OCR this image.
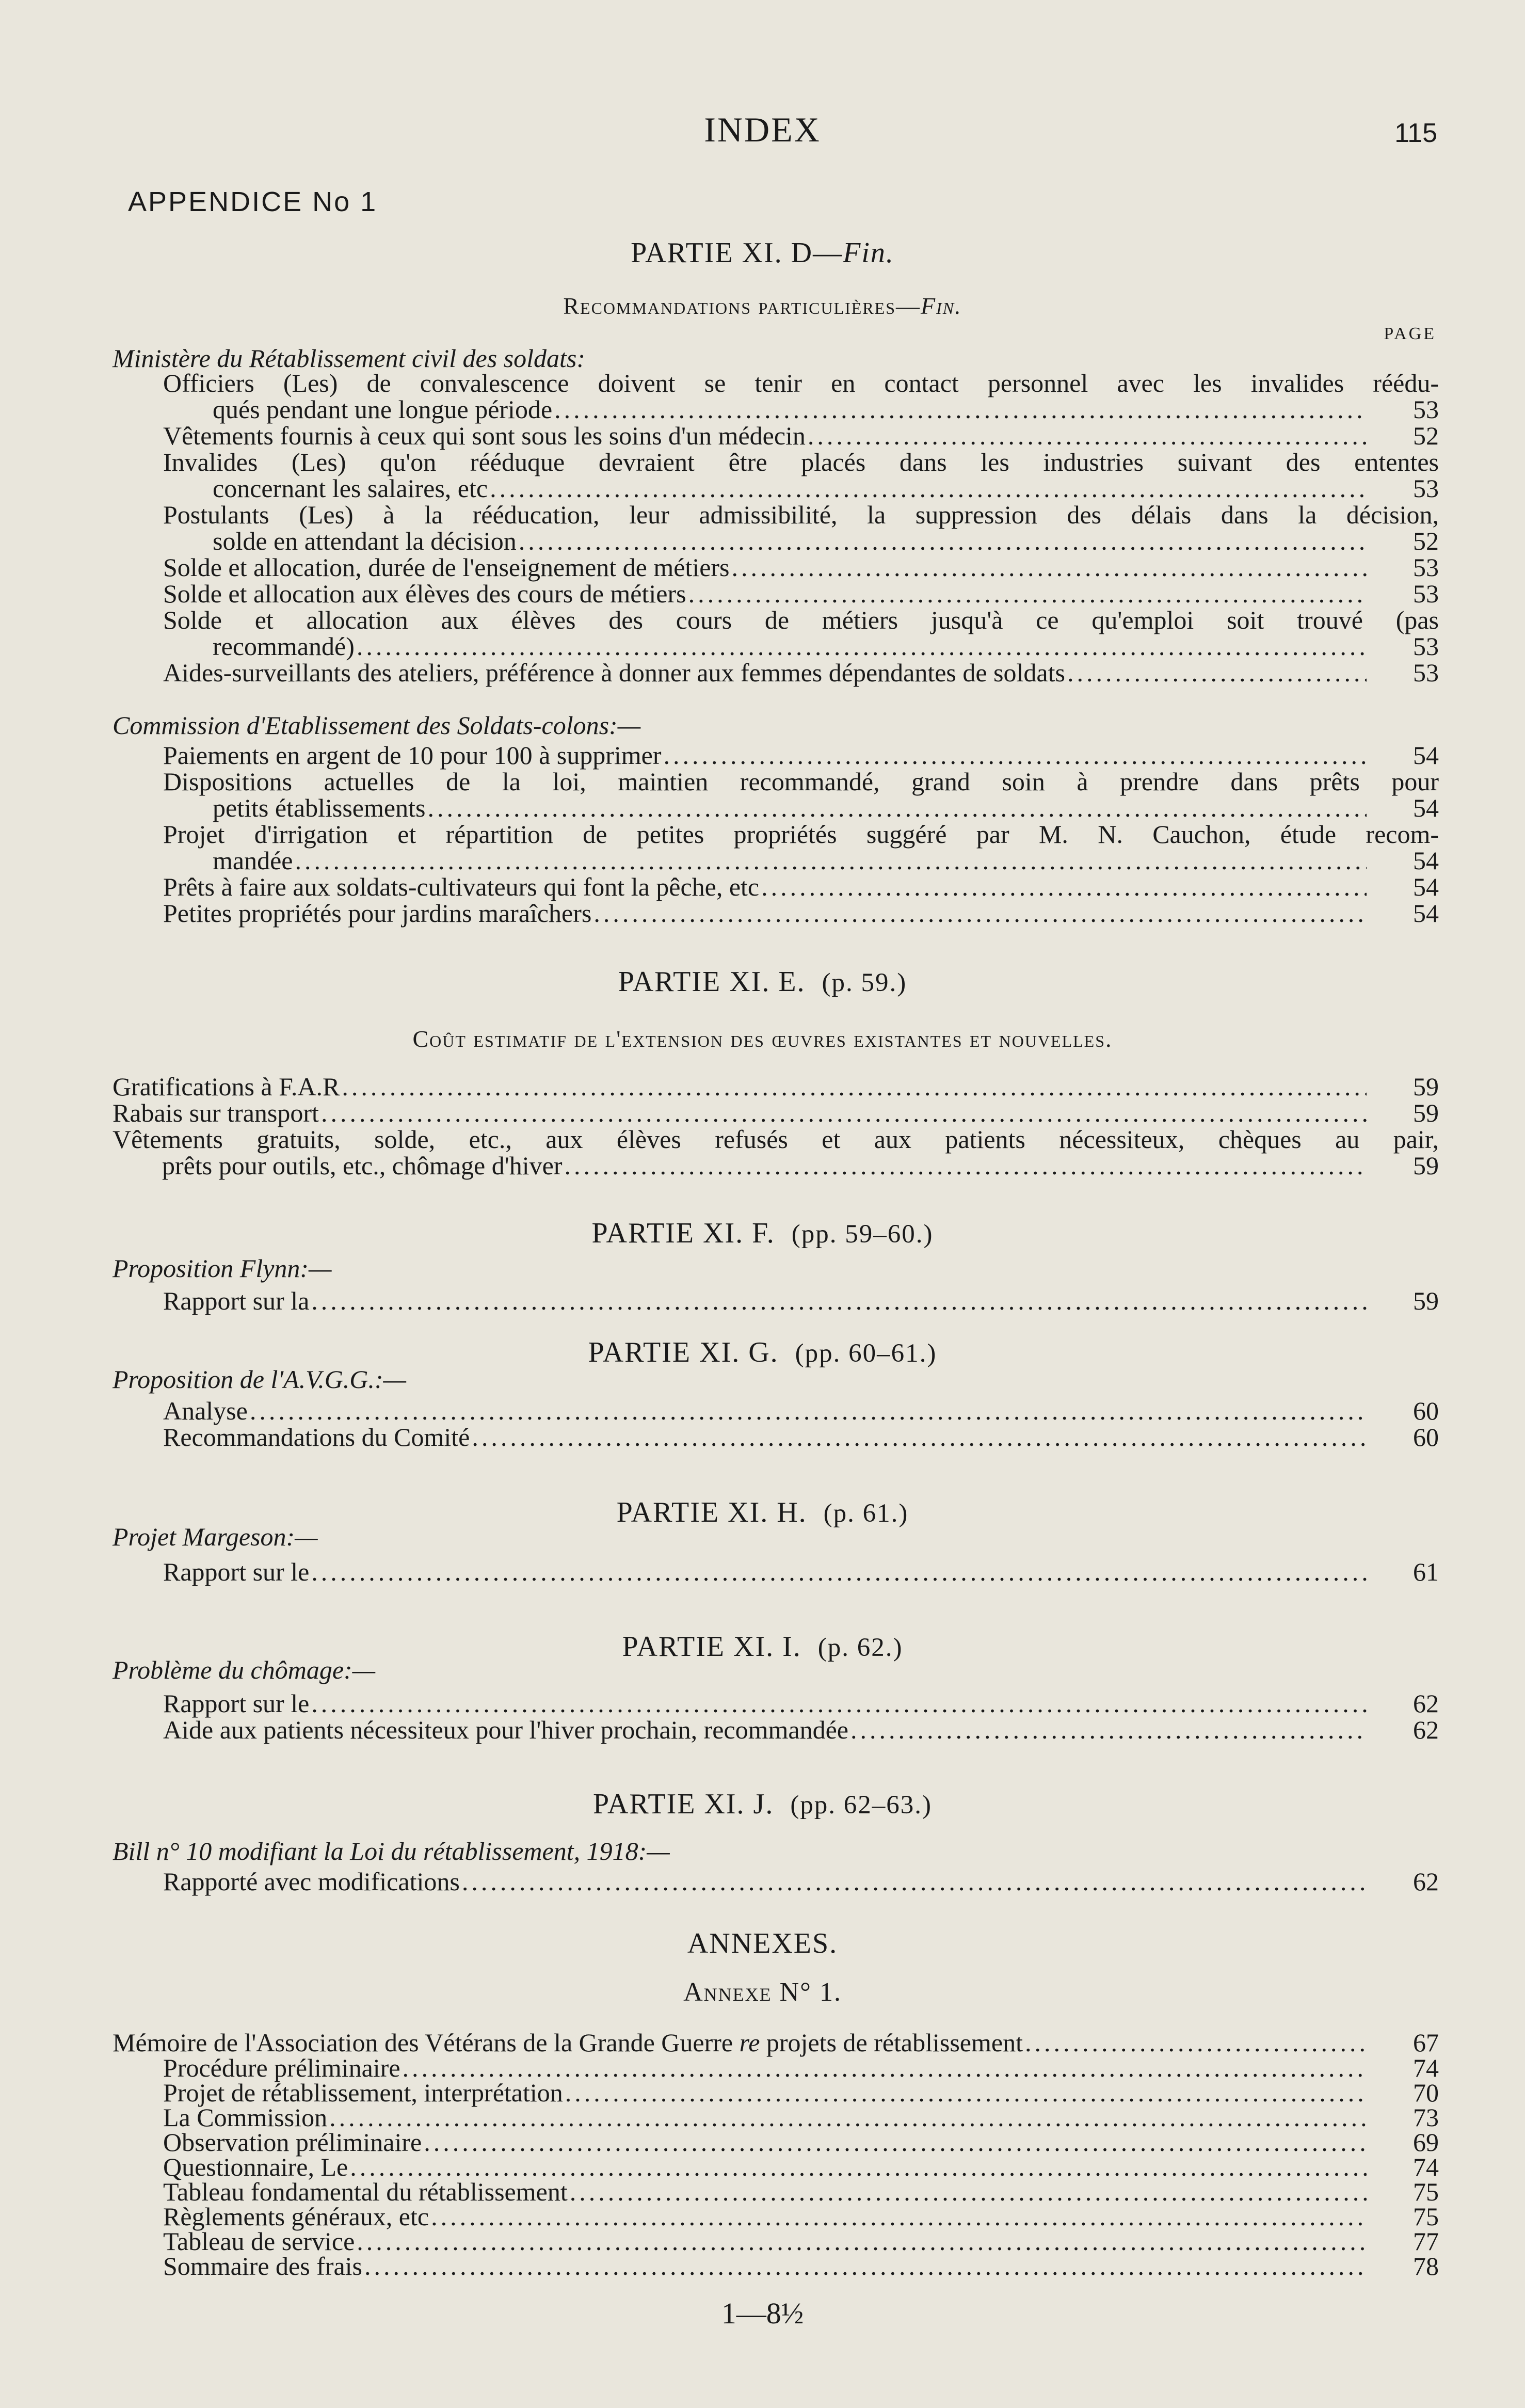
INDEX	115
APPENDICE No 1
PARTIE XI. D—Fin.
Recommandations particulières—Fin.
PAGE
Ministère du Rétablissement civil des soldats:
Officiers (Les) de convalescence doivent se tenir en contact personnel avec les invalides réédu-
qués pendant une longue période .....	53
Vêtements fournis à ceux qui sont sous les soins d'un médecin .....	52
Invalides (Les) qu'on rééduque devraient être placés dans les industries suivant des ententes
concernant les salaires, etc .....	53
Postulants (Les) à la rééducation, leur admissibilité, la suppression des délais dans la décision,
solde en attendant la décision .....	52
Solde et allocation, durée de l'enseignement de métiers .....	53
Solde et allocation aux élèves des cours de métiers .....	53
Solde et allocation aux élèves des cours de métiers jusqu'à ce qu'emploi soit trouvé (pas
recommandé) .....	53
Aides-surveillants des ateliers, préférence à donner aux femmes dépendantes de soldats .....	53
Commission d'Etablissement des Soldats-colons:—
Paiements en argent de 10 pour 100 à supprimer .....	54
Dispositions actuelles de la loi, maintien recommandé, grand soin à prendre dans prêts pour
petits établissements .....	54
Projet d'irrigation et répartition de petites propriétés suggéré par M. N. Cauchon, étude recom-
mandée .....	54
Prêts à faire aux soldats-cultivateurs qui font la pêche, etc .....	54
Petites propriétés pour jardins maraîchers .....	54
PARTIE XI. E. (p. 59.)
Coût estimatif de l'extension des œuvres existantes et nouvelles.
Gratifications à F.A.R .....	59
Rabais sur transport .....	59
Vêtements gratuits, solde, etc., aux élèves refusés et aux patients nécessiteux, chèques au pair,
prêts pour outils, etc., chômage d'hiver .....	59
PARTIE XI. F. (pp. 59–60.)
Proposition Flynn:—
Rapport sur la .....	59
PARTIE XI. G. (pp. 60–61.)
Proposition de l'A.V.G.G.:—
Analyse .....	60
Recommandations du Comité .....	60
PARTIE XI. H. (p. 61.)
Projet Margeson:—
Rapport sur le .....	61
PARTIE XI. I. (p. 62.)
Problème du chômage:—
Rapport sur le .....	62
Aide aux patients nécessiteux pour l'hiver prochain, recommandée .....	62
PARTIE XI. J. (pp. 62–63.)
Bill n° 10 modifiant la Loi du rétablissement, 1918:—
Rapporté avec modifications .....	62
ANNEXES.
Annexe N° 1.
Mémoire de l'Association des Vétérans de la Grande Guerre re projets de rétablissement .....	67
Procédure préliminaire .....	74
Projet de rétablissement, interprétation .....	70
La Commission .....	73
Observation préliminaire .....	69
Questionnaire, Le .....	74
Tableau fondamental du rétablissement .....	75
Règlements généraux, etc .....	75
Tableau de service .....	77
Sommaire des frais .....	78
1—8½
